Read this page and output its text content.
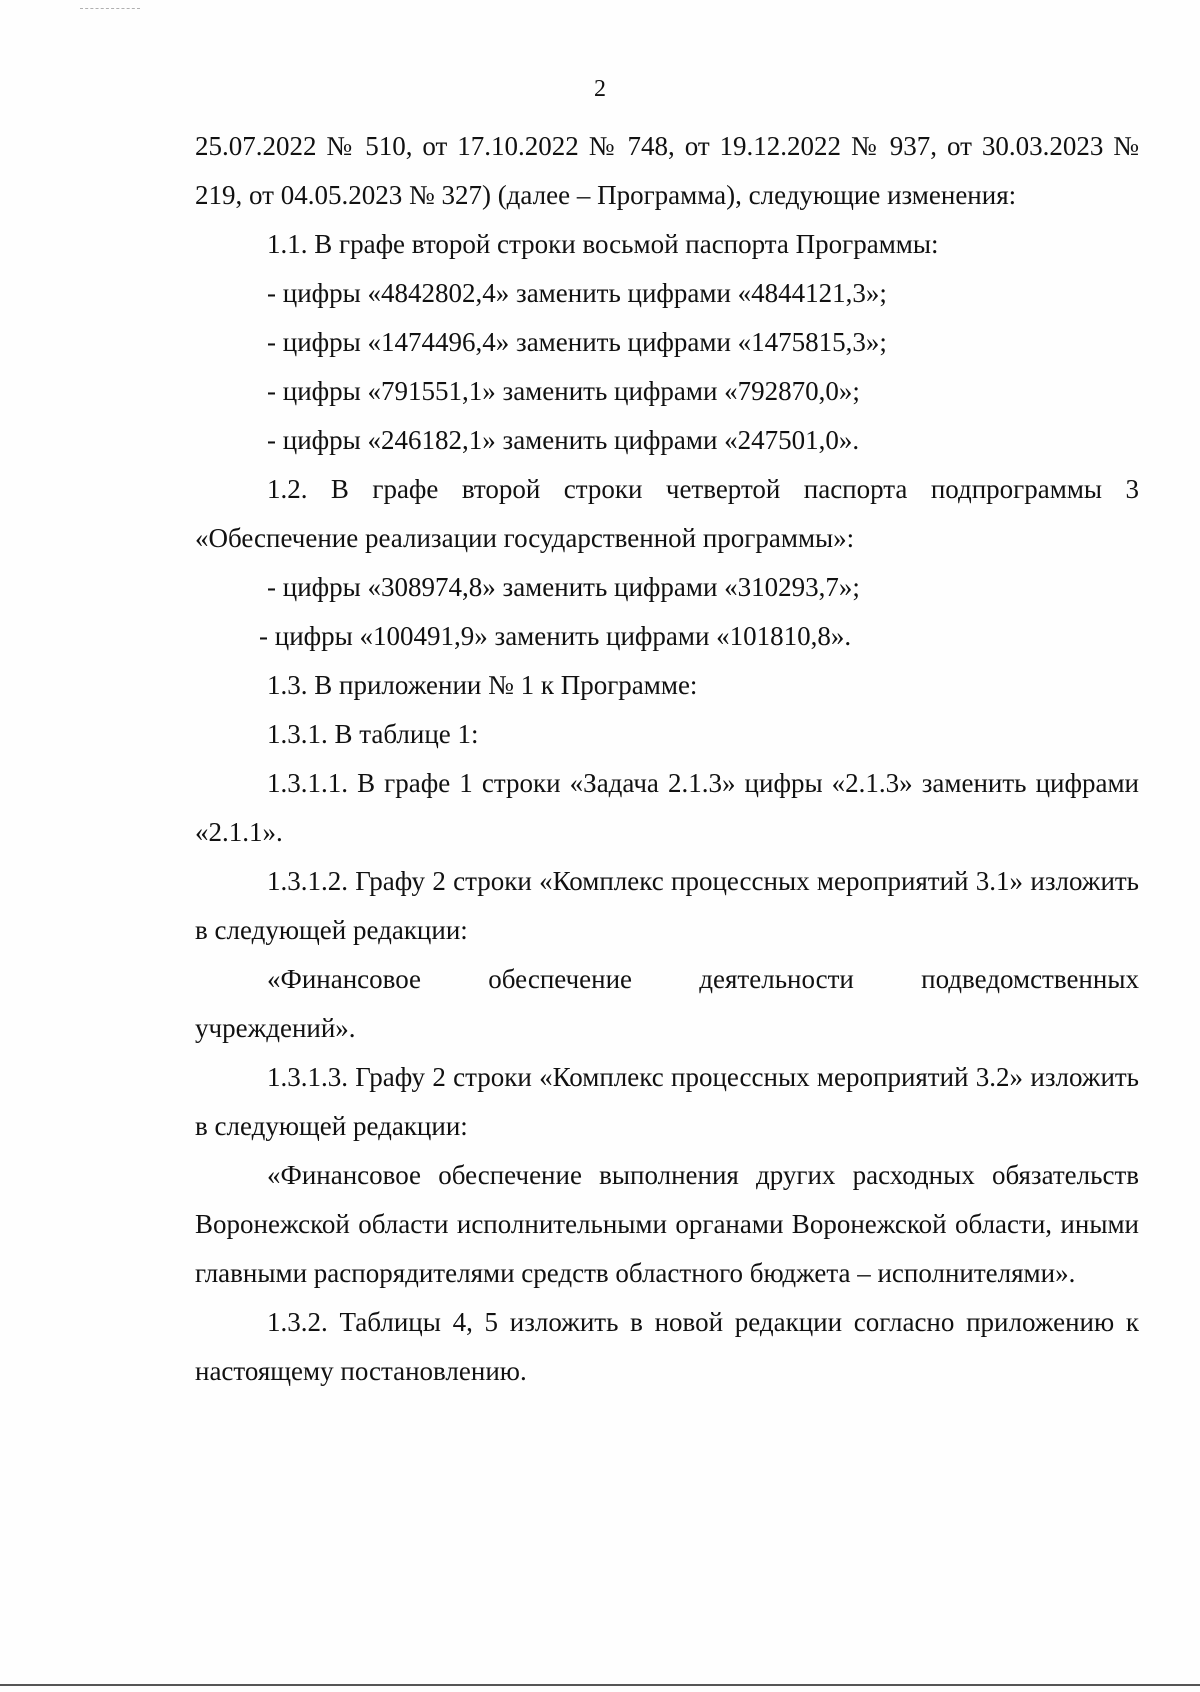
2

25.07.2022 № 510, от 17.10.2022 № 748, от 19.12.2022 № 937, от 30.03.2023 № 219, от 04.05.2023 № 327) (далее – Программа), следующие изменения:

1.1. В графе второй строки восьмой паспорта Программы:

- цифры «4842802,4» заменить цифрами «4844121,3»;

- цифры «1474496,4» заменить цифрами «1475815,3»;

- цифры «791551,1» заменить цифрами «792870,0»;

- цифры «246182,1» заменить цифрами «247501,0».

1.2. В графе второй строки четвертой паспорта подпрограммы 3 «Обеспечение реализации государственной программы»:

- цифры «308974,8» заменить цифрами «310293,7»;

- цифры «100491,9» заменить цифрами «101810,8».

1.3. В приложении № 1 к Программе:

1.3.1. В таблице 1:

1.3.1.1. В графе 1 строки «Задача 2.1.3» цифры «2.1.3» заменить цифрами «2.1.1».

1.3.1.2. Графу 2 строки «Комплекс процессных мероприятий 3.1» изложить в следующей редакции:

«Финансовое обеспечение деятельности подведомственных

учреждений».

1.3.1.3. Графу 2 строки «Комплекс процессных мероприятий 3.2» изложить в следующей редакции:

«Финансовое обеспечение выполнения других расходных обязательств Воронежской области исполнительными органами Воронежской области, иными главными распорядителями средств областного бюджета – исполнителями».

1.3.2. Таблицы 4, 5 изложить в новой редакции согласно приложению к настоящему постановлению.
